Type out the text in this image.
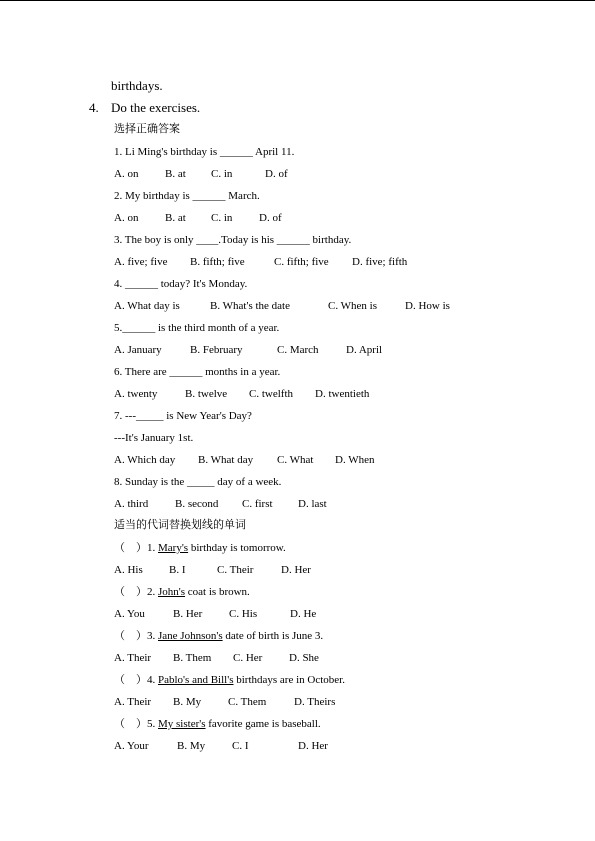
birthdays.
4. Do the exercises.
选择正确答案
1. Li Ming's birthday is ______ April 11.

A. on

B. at

C. in

	D. of

2. My birthday is ______ March.

A. on

B. at

C. in

D. of

3. The boy is only ____.Today is his ______ birthday.

A. five; five

B. fifth; five

	C. fifth; five

D. five; fifth

4. ______ today? It's Monday.

A. What day is

	B. What's the date

	C. When is

	D. How is

5.______ is the third month of a year.

A. January

	B. February

	C. March

D. April

6. There are ______ months in a year.

A. twenty

	B. twelve

C. twelfth

D. twentieth

7. ---_____ is New Year's Day?
---It's January 1st.

A. Which day

B. What day

C. What

D. When

8. Sunday is the _____ day of a week.

A. third

B. second

C. first

D. last

适当的代词替换划线的单词
（    ）1. Mary's birthday is tomorrow.

A. His

B. I

	C. Their

	D. Her

（    ）2. John's coat is brown.

A. You

	B. Her

C. His

	D. He

（    ）3. Jane Johnson's date of birth is June 3.

A. Their

B. Them

C. Her

D. She

（    ）4. Pablo's and Bill's birthdays are in October.

A. Their

B. My

C. Them

	D. Theirs

（    ）5. My sister's favorite game is baseball.

A. Your

	B. My

C. I

	D. Her
